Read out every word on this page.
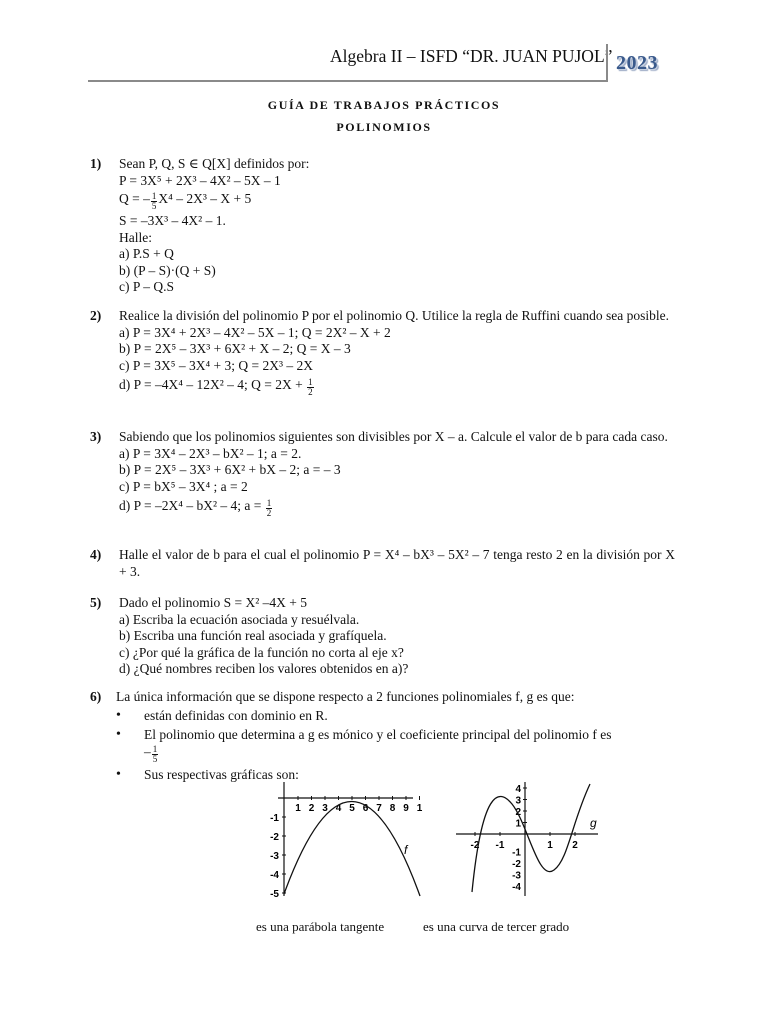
Algebra II – ISFD “DR. JUAN PUJOL” 2023
GUÍA DE TRABAJOS PRÁCTICOS
POLINOMIOS
1) Sean P, Q, S ∈ Q[X] definidos por:
P = 3X⁵ + 2X³ – 4X² – 5X – 1
Q = – $\frac{1}{5} X^4 - 2X^3 - X + 5$
S = –3X³ – 4X² – 1.
Halle:
a) P.S + Q
b) (P – S)·(Q + S)
c) P – Q.S
2) Realice la división del polinomio P por el polinomio Q. Utilice la regla de Ruffini cuando sea posible.
a) P = 3X⁴ + 2X³ – 4X² – 5X – 1; Q = 2X² – X + 2
b) P = 2X⁵ – 3X³ + 6X² + X – 2; Q = X – 3
c) P = 3X⁵ – 3X⁴ + 3; Q = 2X³ – 2X
d) P = –4X⁴ – 12X² – 4; $Q = 2X + \frac{1}{2}$
3) Sabiendo que los polinomios siguientes son divisibles por X – a. Calcule el valor de b para cada caso.
a) P = 3X⁴ – 2X³ – bX² – 1; a = 2.
b) P = 2X⁵ – 3X³ + 6X² + bX – 2; a = – 3
c) P = bX⁵ – 3X⁴ ; a = 2
d) P = –2X⁴ – bX² – 4; $a = \frac{1}{2}$
4) Halle el valor de b para el cual el polinomio P = X⁴ – bX³ – 5X² – 7 tenga resto 2 en la división por X + 3.
5) Dado el polinomio S = X² –4X + 5
a) Escriba la ecuación asociada y resuélvala.
b) Escriba una función real asociada y grafíquela.
c) ¿Por qué la gráfica de la función no corta al eje x?
d) ¿Qué nombres reciben los valores obtenidos en a)?
6) La única información que se dispone respecto a 2 funciones polinomiales f, g es que:
• están definidas con dominio en R.
• El polinomio que determina a g es mónico y el coeficiente principal del polinomio f es
– $\frac{1}{5}$
• Sus respectivas gráficas son:
1 2 3 4 5 6 7 8 9 1
-1
-2
-3
-4
-5
f	-2 -1	1 2
4
3
2
1
-1
-2
-3
-4
g
es una parábola tangente	es una curva de tercer grado
